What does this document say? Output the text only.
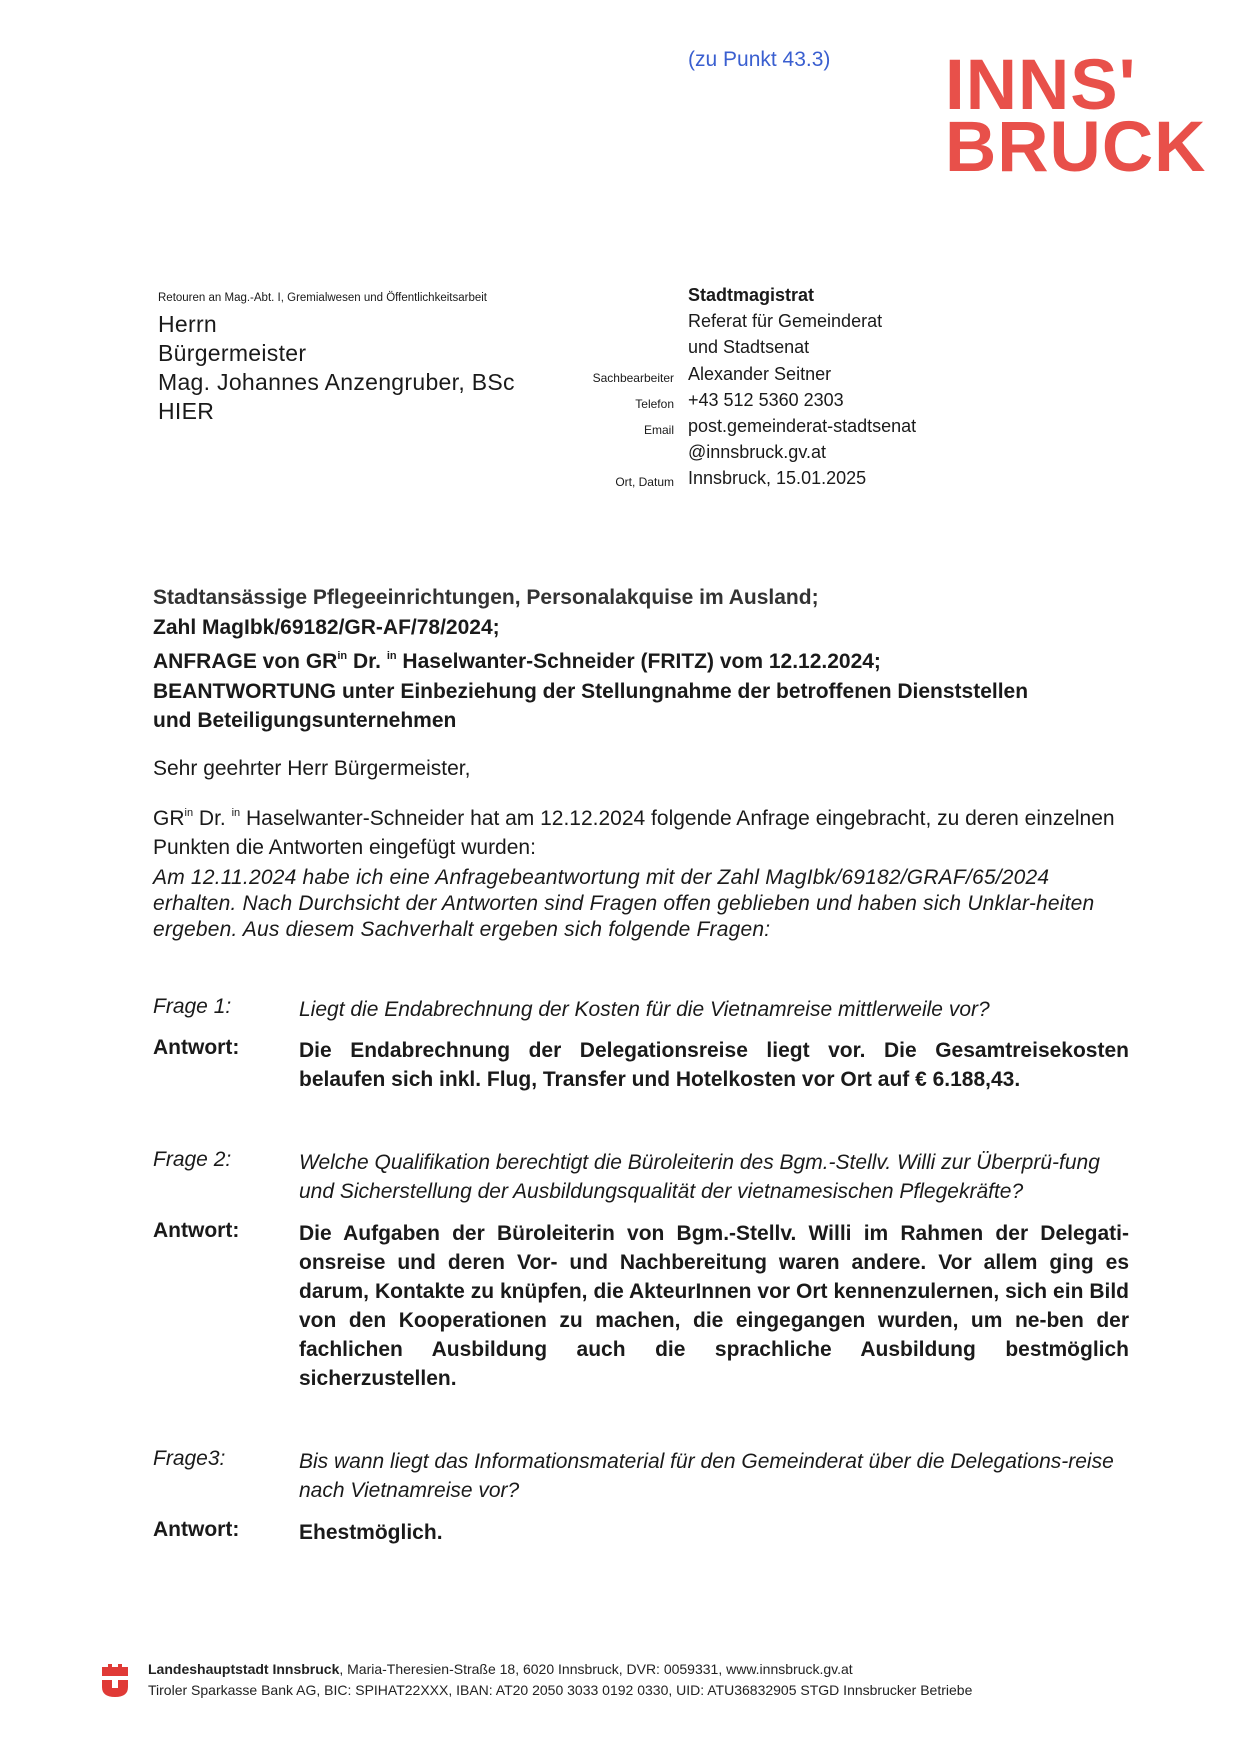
(zu Punkt 43.3) INNS'
BRUCK
Retouren an Mag.-Abt. I, Gremialwesen und Öffentlichkeitsarbeit
Herrn
Bürgermeister
Mag. Johannes Anzengruber, BSc
HIER
Stadtmagistrat
Referat für Gemeinderat
und Stadtsenat
Sachbearbeiter Alexander Seitner
Telefon +43 512 5360 2303
Email post.gemeinderat-stadtsenat
@innsbruck.gv.at
Ort, Datum Innsbruck, 15.01.2025
Stadtansässige Pflegeeinrichtungen, Personalakquise im Ausland;
Zahl MagIbk/69182/GR-AF/78/2024;
ANFRAGE von $GR^{in}$ Dr. $^{in}$ Haselwanter-Schneider (FRITZ) vom 12.12.2024;
BEANTWORTUNG unter Einbeziehung der Stellungnahme der betroffenen Dienststellen
und Beteiligungsunternehmen
Sehr geehrter Herr Bürgermeister,
$GR^{in}$ Dr. $^{in}$ Haselwanter-Schneider hat am 12.12.2024 folgende Anfrage eingebracht, zu deren einzelnen Punkten die Antworten eingefügt wurden:
Am 12.11.2024 habe ich eine Anfragebeantwortung mit der Zahl MagIbk/69182/GRAF/65/2024 erhalten. Nach Durchsicht der Antworten sind Fragen offen geblieben und haben sich Unklar-heiten ergeben. Aus diesem Sachverhalt ergeben sich folgende Fragen:
Frage 1:	Liegt die Endabrechnung der Kosten für die Vietnamreise mittlerweile vor?
Antwort:	Die Endabrechnung der Delegationsreise liegt vor. Die Gesamtreisekosten belaufen sich inkl. Flug, Transfer und Hotelkosten vor Ort auf € 6.188,43.
Frage 2:	Welche Qualifikation berechtigt die Büroleiterin des Bgm.-Stellv. Willi zur Überprü-fung und Sicherstellung der Ausbildungsqualität der vietnamesischen Pflegekräfte?
Antwort:	Die Aufgaben der Büroleiterin von Bgm.-Stellv. Willi im Rahmen der Delegati-onsreise und deren Vor- und Nachbereitung waren andere. Vor allem ging es darum, Kontakte zu knüpfen, die AkteurInnen vor Ort kennenzulernen, sich ein Bild von den Kooperationen zu machen, die eingegangen wurden, um ne-ben der fachlichen Ausbildung auch die sprachliche Ausbildung bestmöglich sicherzustellen.
Frage3:	Bis wann liegt das Informationsmaterial für den Gemeinderat über die Delegations-reise nach Vietnamreise vor?
Antwort:	Ehestmöglich.
Landeshauptstadt Innsbruck, Maria-Theresien-Straße 18, 6020 Innsbruck, DVR: 0059331, www.innsbruck.gv.at
Tiroler Sparkasse Bank AG, BIC: SPIHAT22XXX, IBAN: AT20 2050 3033 0192 0330, UID: ATU36832905 STGD Innsbrucker Betriebe
